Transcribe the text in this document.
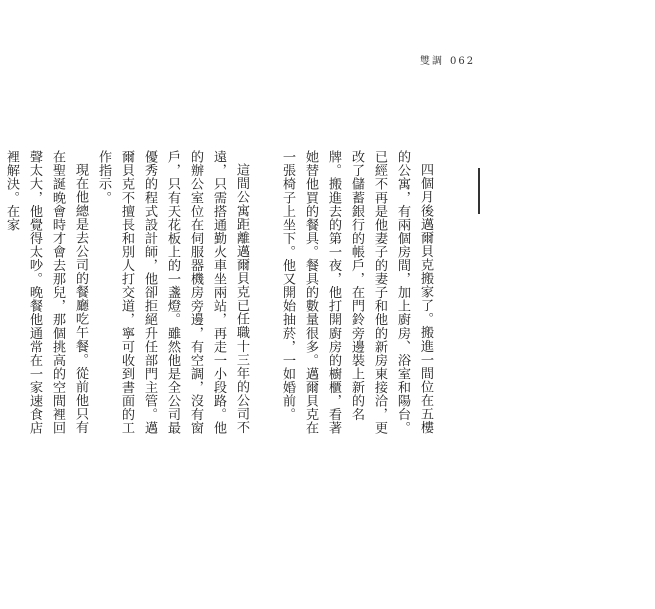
雙調 062

四個月後邁爾貝克搬家了。搬進一間位在五樓的公寓，有兩個房間，加上廚房、浴室和陽台。已經不再是他妻子的妻子和他的新房東接洽，更改了儲蓄銀行的帳戶，在門鈴旁邊裝上新的名牌。搬進去的第一夜，他打開廚房的櫥櫃，看著她替他買的餐具。餐具的數量很多。邁爾貝克在一張椅子上坐下。他又開始抽菸，一如婚前。

這間公寓距離邁爾貝克已任職十三年的公司不遠，只需搭通勤火車坐兩站，再走一小段路。他的辦公室位在伺服器機房旁邊，有空調，沒有窗戶，只有天花板上的一盞燈。雖然他是全公司最優秀的程式設計師，他卻拒絕升任部門主管。邁爾貝克不擅長和別人打交道，寧可收到書面的工作指示。

現在他總是去公司的餐廳吃午餐。從前他只有在聖誕晚會時才會去那兒，那個挑高的空間裡回聲太大，他覺得太吵。晚餐他通常在一家速食店裡解決。在家
